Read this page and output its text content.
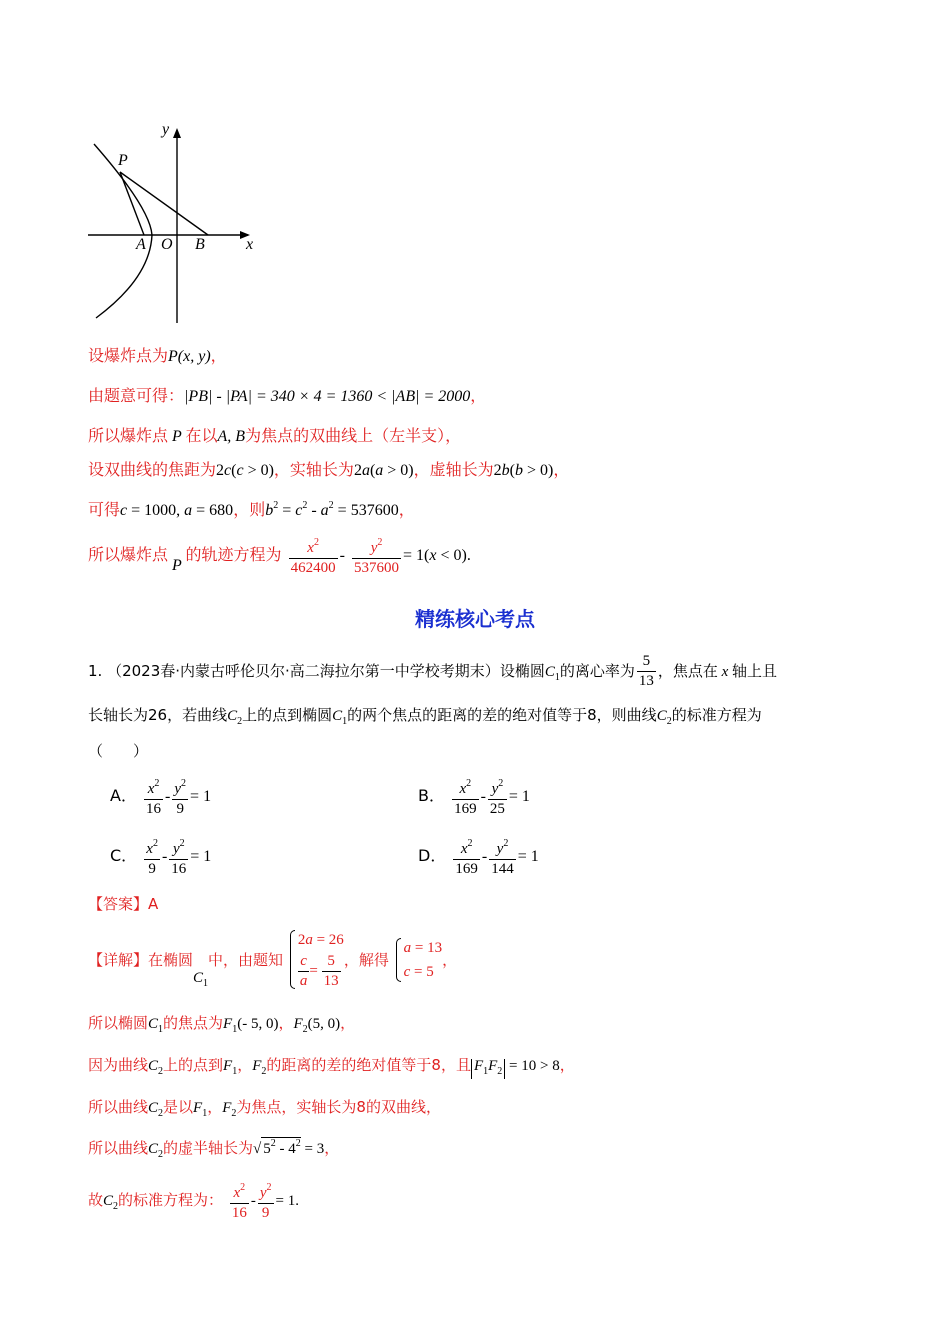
y
x
P
A O B
设爆炸点为P(x, y)，
由题意可得：|PB| - |PA| = 340 × 4 = 1360 < |AB| = 2000，
所以爆炸点 P 在以A, B为焦点的双曲线上（左半支），
设双曲线的焦距为2c(c > 0)，实轴长为2a(a > 0)，虚轴长为2b(b > 0)，
可得c = 1000, a = 680，则$b^2 = c^2 - a^2 = 537600$，
所以爆炸点 P 的轨迹方程为 $\frac{x^2}{462400} - \frac{y^2}{537600} = 1(x < 0)$.
精练核心考点
1. （2023春·内蒙古呼伦贝尔·高二海拉尔第一中学校考期末）设椭圆$C_1$的离心率为 $\frac{5}{13}$ ，焦点在 x 轴上且
长轴长为26，若曲线$C_2$上的点到椭圆$C_1$的两个焦点的距离的差的绝对值等于8，则曲线$C_2$的标准方程为
（　　）
A． $\frac{x^2}{16} - \frac{y^2}{9} = 1$	B． $\frac{x^2}{169} - \frac{y^2}{25} = 1$
C． $\frac{x^2}{9} - \frac{y^2}{16} = 1$	D． $\frac{x^2}{169} - \frac{y^2}{144} = 1$
【答案】A
【详解】在椭圆$C_1$中，由题知
2a = 26
$\frac{c}{a} = \frac{5}{13}$ ，解得
a = 13
c = 5
，
所以椭圆$C_1$的焦点为$F_1(-$ 5, 0)，$F_2(5$, 0)，
因为曲线$C_2$上的点到$F_1$，$F_2$的距离的差的绝对值等于8，且 $F_1F_2 = 10 > 8$，
所以曲线$C_2$是以$F_1$，$F_2$为焦点，实轴长为8的双曲线，
所以曲线$C_2$的虚半轴长为√ $5^2 - 4^2 = 3$，
故$C_2$的标准方程为： $\frac{x^2}{16} - \frac{y^2}{9} = 1$.
